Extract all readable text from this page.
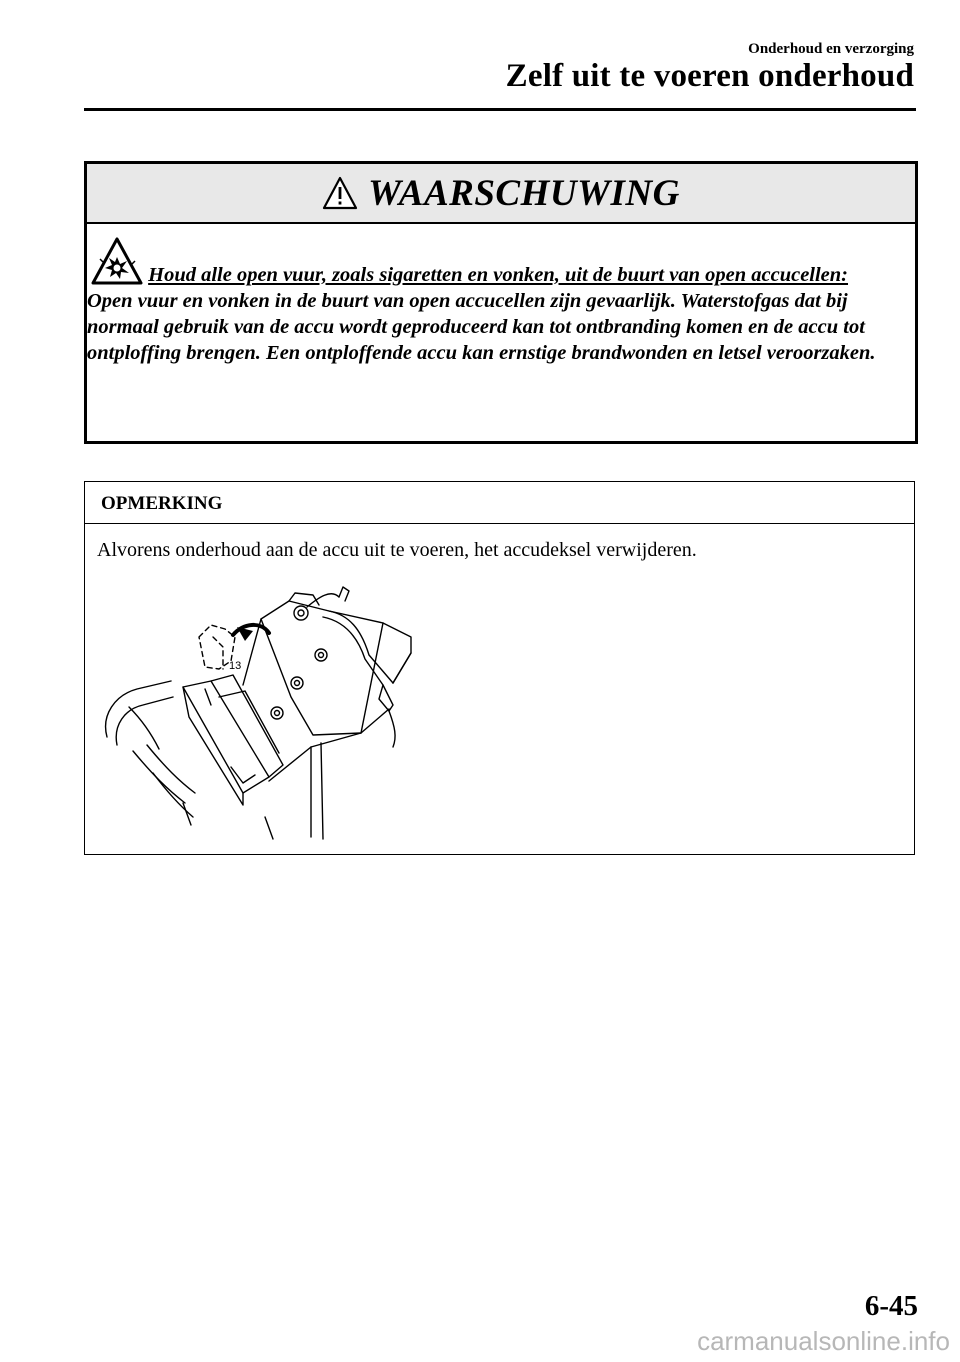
Onderhoud en verzorging
Zelf uit te voeren onderhoud
WAARSCHUWING

Houd alle open vuur, zoals sigaretten en vonken, uit de buurt van open accucellen:

Open vuur en vonken in de buurt van open accucellen zijn gevaarlijk. Waterstofgas dat bij normaal gebruik van de accu wordt geproduceerd kan tot ontbranding komen en de accu tot ontploffing brengen. Een ontploffende accu kan ernstige brandwonden en letsel veroorzaken.

OPMERKING
Alvorens onderhoud aan de accu uit te voeren, het accudeksel verwijderen.
13
6-45
carmanualsonline.info
